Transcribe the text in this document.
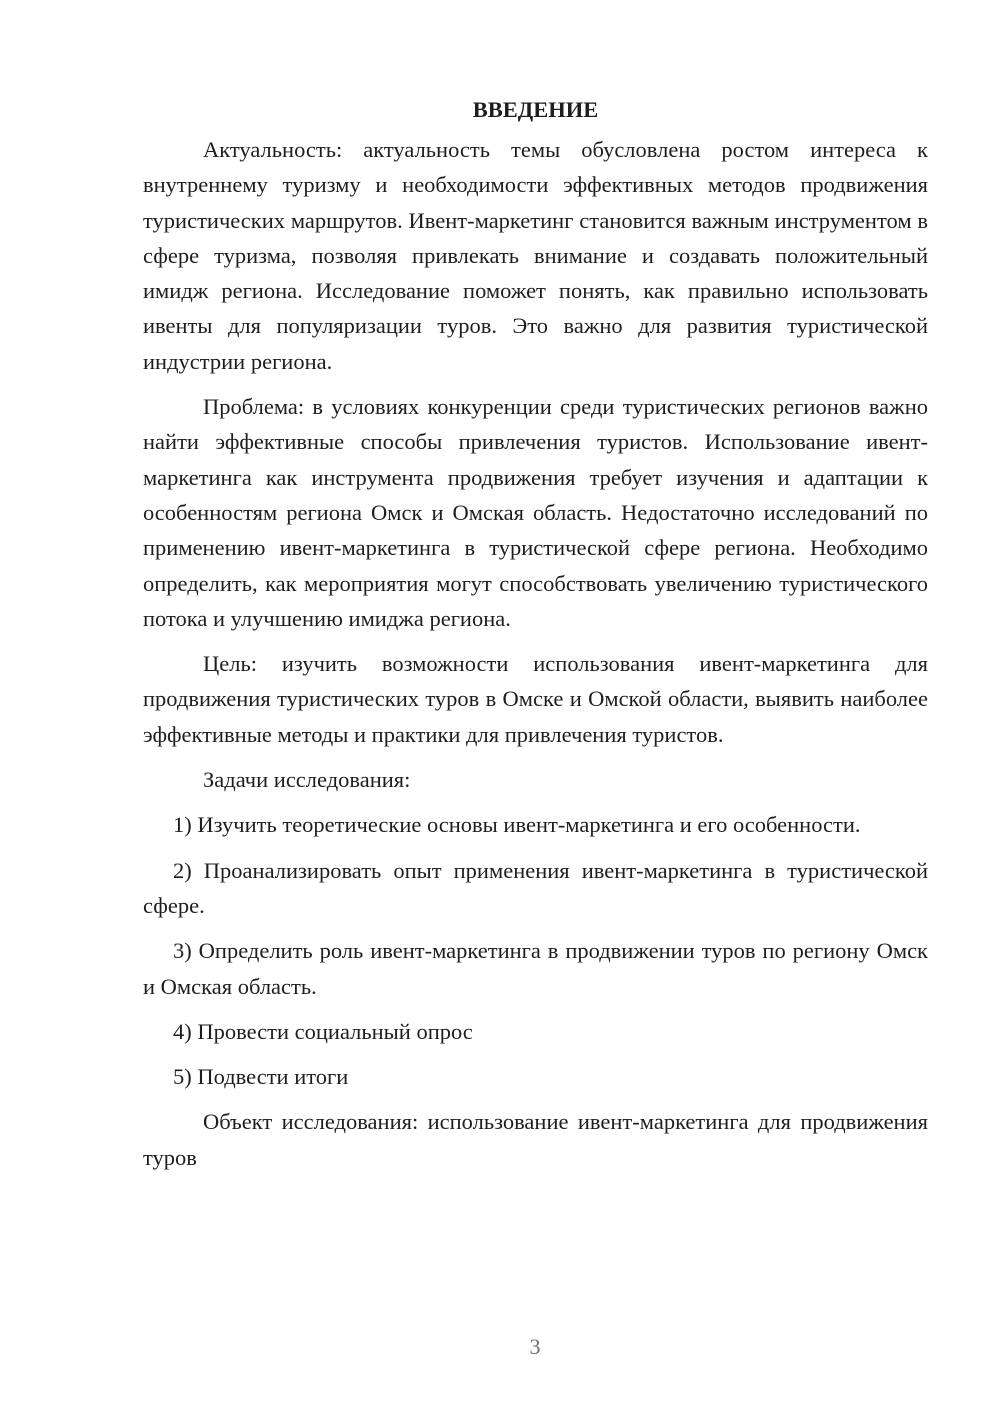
ВВЕДЕНИЕ

Актуальность: актуальность темы обусловлена ростом интереса к внутреннему туризму и необходимости эффективных методов продвижения туристических маршрутов. Ивент-маркетинг становится важным инструментом в сфере туризма, позволяя привлекать внимание и создавать положительный имидж региона. Исследование поможет понять, как правильно использовать ивенты для популяризации туров. Это важно для развития туристической индустрии региона.

Проблема: в условиях конкуренции среди туристических регионов важно найти эффективные способы привлечения туристов. Использование ивент-маркетинга как инструмента продвижения требует изучения и адаптации к особенностям региона Омск и Омская область. Недостаточно исследований по применению ивент-маркетинга в туристической сфере региона. Необходимо определить, как мероприятия могут способствовать увеличению туристического потока и улучшению имиджа региона.

Цель: изучить возможности использования ивент-маркетинга для продвижения туристических туров в Омске и Омской области, выявить наиболее эффективные методы и практики для привлечения туристов.

Задачи исследования:

1) Изучить теоретические основы ивент-маркетинга и его особенности.

2) Проанализировать опыт применения ивент-маркетинга в туристической сфере.

3) Определить роль ивент-маркетинга в продвижении туров по региону Омск и Омская область.

4) Провести социальный опрос

5) Подвести итоги

Объект исследования: использование ивент-маркетинга для продвижения туров

3
